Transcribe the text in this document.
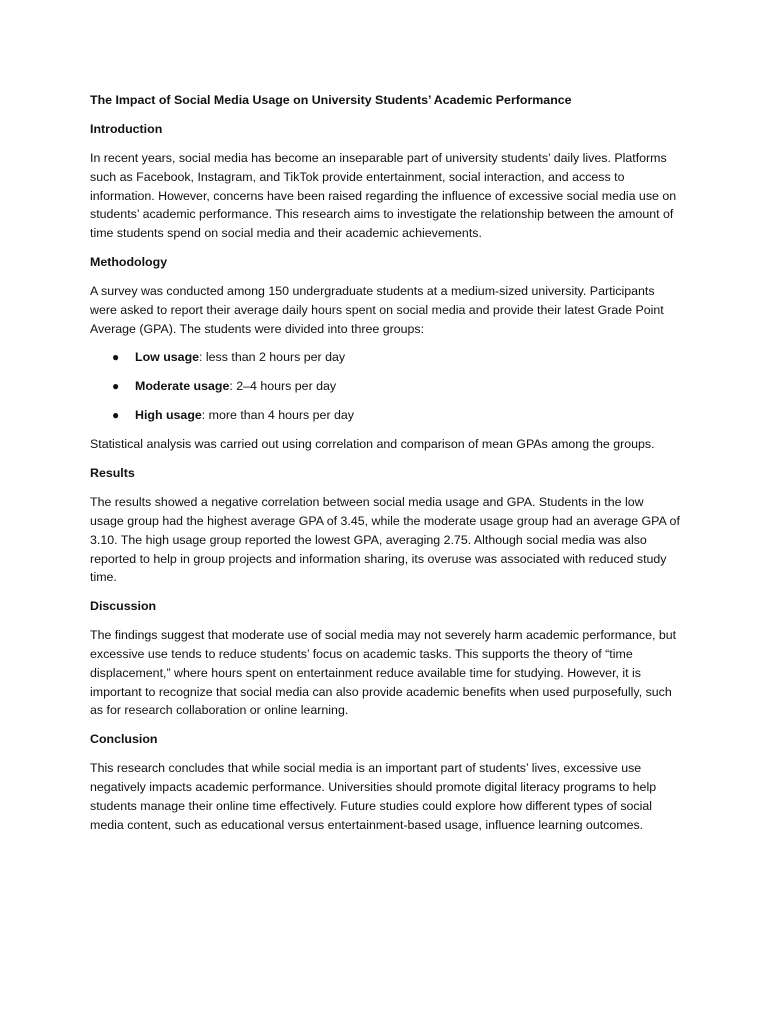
The Impact of Social Media Usage on University Students’ Academic Performance
Introduction
In recent years, social media has become an inseparable part of university students’ daily lives. Platforms such as Facebook, Instagram, and TikTok provide entertainment, social interaction, and access to information. However, concerns have been raised regarding the influence of excessive social media use on students’ academic performance. This research aims to investigate the relationship between the amount of time students spend on social media and their academic achievements.
Methodology
A survey was conducted among 150 undergraduate students at a medium-sized university. Participants were asked to report their average daily hours spent on social media and provide their latest Grade Point Average (GPA). The students were divided into three groups:
● Low usage: less than 2 hours per day
● Moderate usage: 2–4 hours per day
● High usage: more than 4 hours per day
Statistical analysis was carried out using correlation and comparison of mean GPAs among the groups.
Results
The results showed a negative correlation between social media usage and GPA. Students in the low usage group had the highest average GPA of 3.45, while the moderate usage group had an average GPA of 3.10. The high usage group reported the lowest GPA, averaging 2.75. Although social media was also reported to help in group projects and information sharing, its overuse was associated with reduced study time.
Discussion
The findings suggest that moderate use of social media may not severely harm academic performance, but excessive use tends to reduce students’ focus on academic tasks. This supports the theory of “time displacement,” where hours spent on entertainment reduce available time for studying. However, it is important to recognize that social media can also provide academic benefits when used purposefully, such as for research collaboration or online learning.
Conclusion
This research concludes that while social media is an important part of students’ lives, excessive use negatively impacts academic performance. Universities should promote digital literacy programs to help students manage their online time effectively. Future studies could explore how different types of social media content, such as educational versus entertainment-based usage, influence learning outcomes.
